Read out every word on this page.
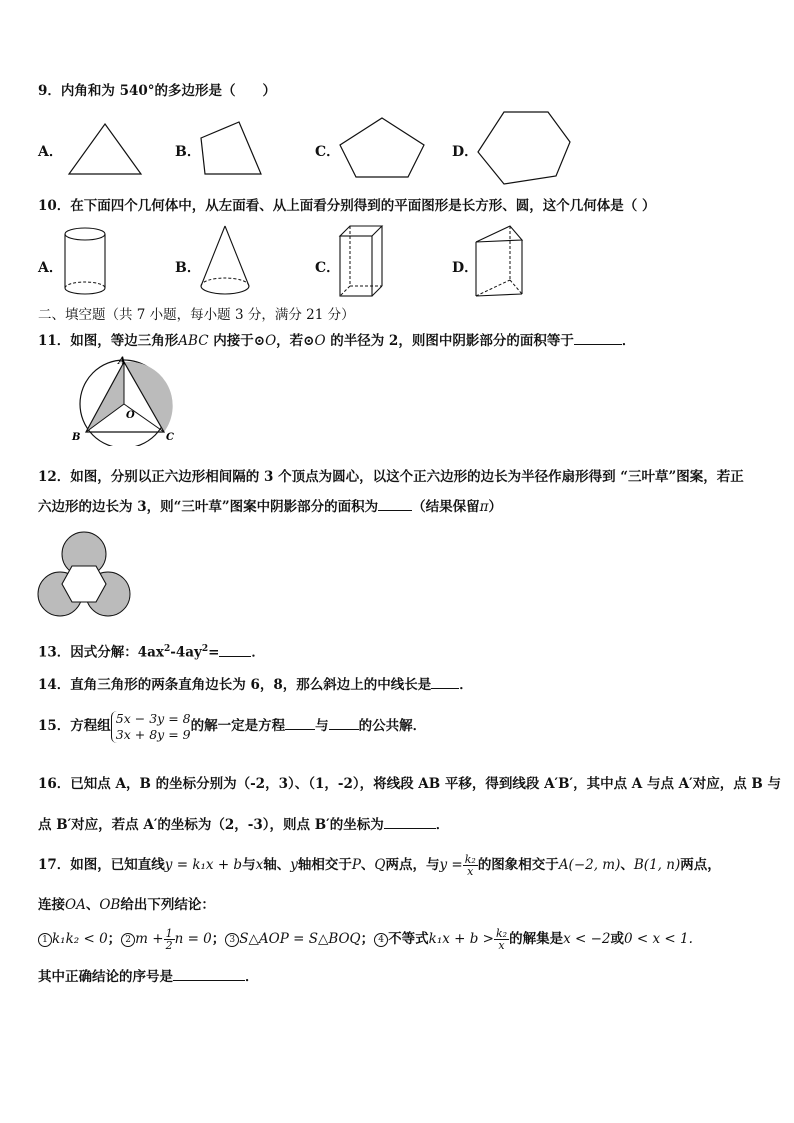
9．内角和为 540°的多边形是（　　）
A．	B．	C．	D．
10．在下面四个几何体中，从左面看、从上面看分别得到的平面图形是长方形、圆，这个几何体是（ ）
A．	B．	C．	D．
二、填空题（共 7 小题，每小题 3 分，满分 21 分）
11．如图，等边三角形ABC 内接于⊙O，若⊙O 的半径为 2，则图中阴影部分的面积等于	．
A
B	C
O
12．如图，分别以正六边形相间隔的 3 个顶点为圆心，以这个正六边形的边长为半径作扇形得到 “三叶草”图案，若正
六边形的边长为 3，则“三叶草”图案中阴影部分的面积为	（结果保留π）
13．因式分解：$4ax^2-4ay^2=$ ．
14．直角三角形的两条直角边长为 6，8，那么斜边上的中线长是 ．
15．方程组 5x − 3y = 8
3x + 8y = 9 的解一定是方程 与 的公共解．
16．已知点 A，B 的坐标分别为（-2，3）、（1，-2），将线段 AB 平移，得到线段 A′B′，其中点 A 与点 A′对应，点 B 与
点 B′对应，若点 A′的坐标为（2，-3），则点 B′的坐标为	．
17．如图，已知直线y = k₁x + b与x轴、y轴相交于P、Q两点，与$y = \frac{\text{k₂}}{x}$ 的图象相交于A(−2, m)、B(1, n)两点，
连接OA、OB给出下列结论：
1 k₁k₂ < 0； 2 $m + \frac{1}{2}$ n = 0； 3 S△AOP = S△BOQ； 4 不等式$k_1x + b > \frac{\text{k₂}}{x}$ 的解集是x < −2或0 < x < 1.
其中正确结论的序号是	．
